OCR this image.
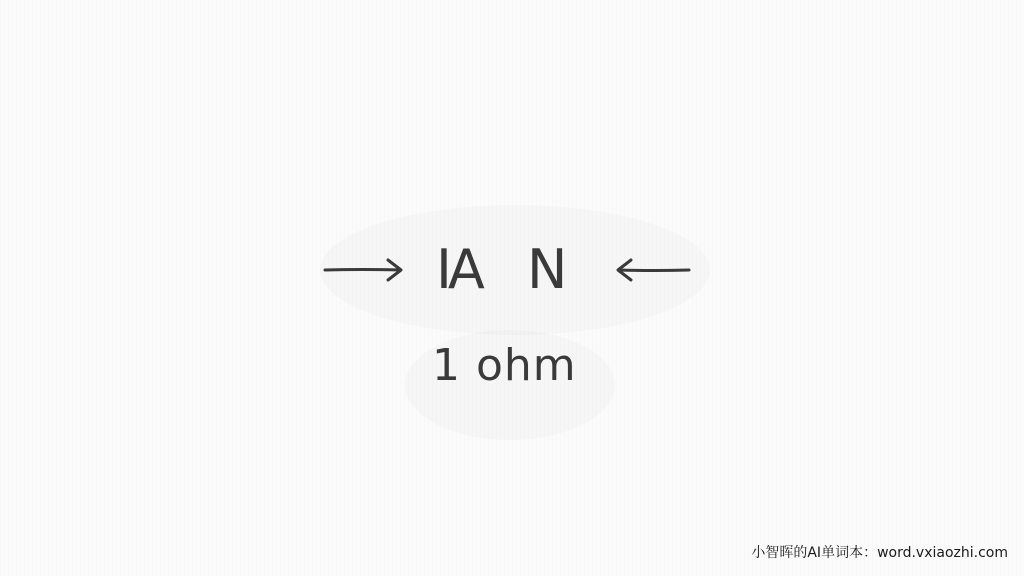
IA N
1 ohm
小智晖的AI单词本：word.vxiaozhi.com
